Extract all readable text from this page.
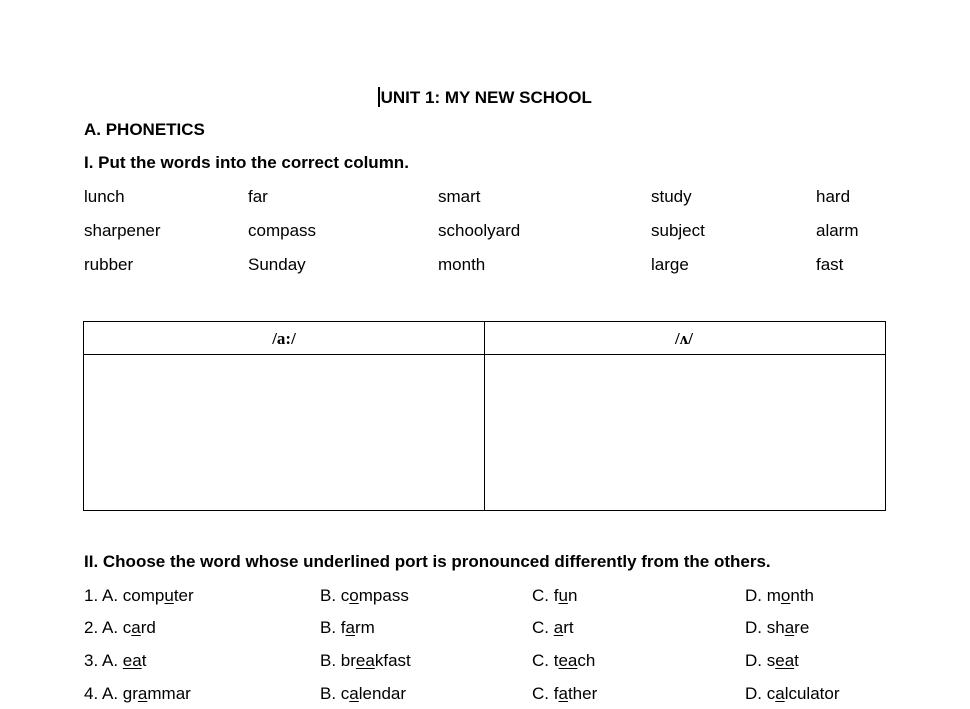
UNIT 1: MY NEW SCHOOL
A. PHONETICS
I. Put the words into the correct column.
lunch	far	smart	study	hard
sharpener	compass	schoolyard	subject	alarm
rubber	Sunday	month	large	fast
/a:/	/ʌ/
II. Choose the word whose underlined port is pronounced differently from the others.
1. A. computer	B. compass	C. fun	D. month
2. A. card	B. farm	C. art	D. share
3. A. eat	B. breakfast	C. teach	D. seat
4. A. grammar	B. calendar	C. father	D. calculator
